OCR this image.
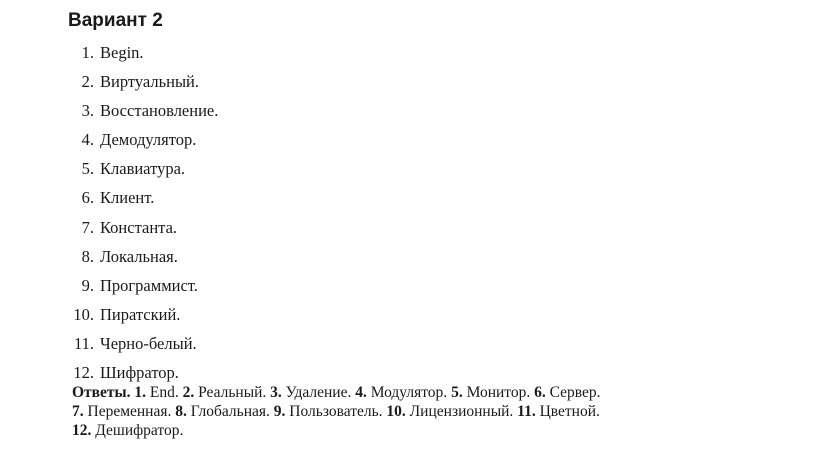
Вариант 2
1. Begin.
2. Виртуальный.
3. Восстановление.
4. Демодулятор.
5. Клавиатура.
6. Клиент.
7. Константа.
8. Локальная.
9. Программист.
10. Пиратский.
11. Черно-белый.
12. Шифратор.

Ответы. 1. End. 2. Реальный. 3. Удаление. 4. Модулятор. 5. Монитор. 6. Сервер.
7. Переменная. 8. Глобальная. 9. Пользователь. 10. Лицензионный. 11. Цветной.
12. Дешифратор.
